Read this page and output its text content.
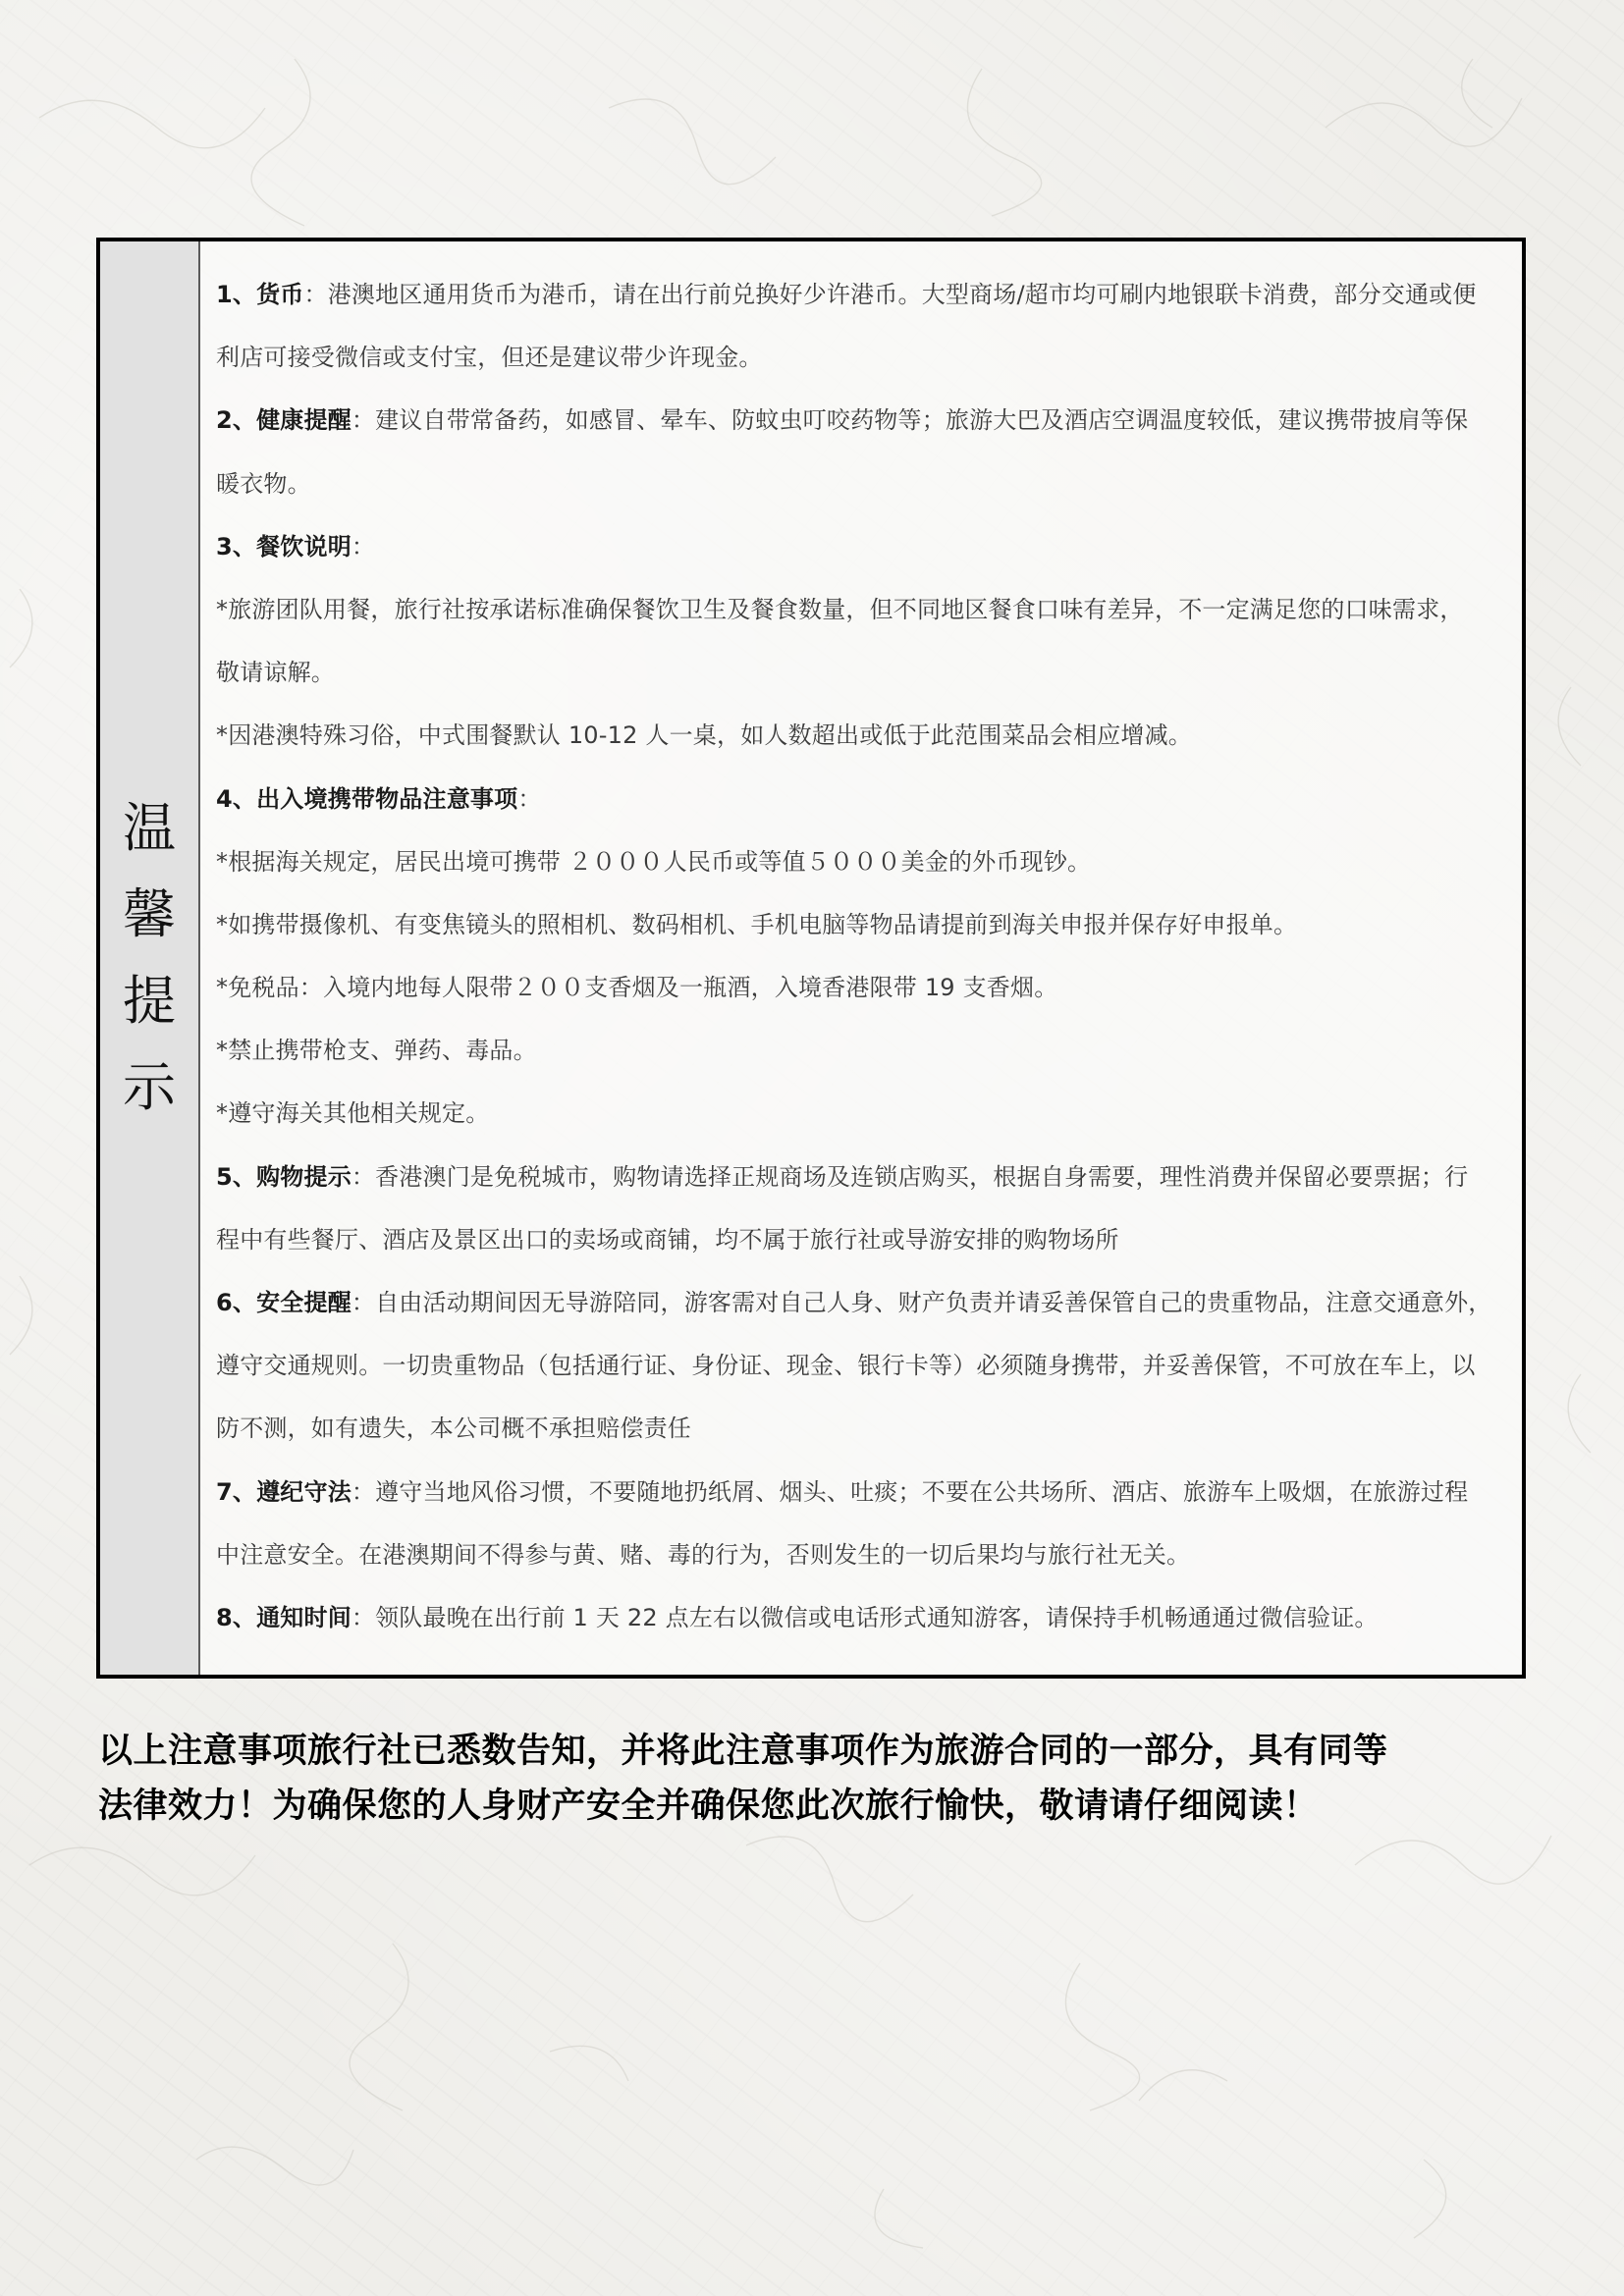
温
馨
提
示
1、货币：港澳地区通用货币为港币，请在出行前兑换好少许港币。大型商场/超市均可刷内地银联卡消费，部分交通或便
利店可接受微信或支付宝，但还是建议带少许现金。
2、健康提醒：建议自带常备药，如感冒、晕车、防蚊虫叮咬药物等；旅游大巴及酒店空调温度较低，建议携带披肩等保
暖衣物。
3、餐饮说明：
*旅游团队用餐，旅行社按承诺标准确保餐饮卫生及餐食数量，但不同地区餐食口味有差异，不一定满足您的口味需求，
敬请谅解。
*因港澳特殊习俗，中式围餐默认 10-12 人一桌，如人数超出或低于此范围菜品会相应增减。
4、出入境携带物品注意事项：
*根据海关规定，居民出境可携带 ２０００人民币或等值５０００美金的外币现钞。
*如携带摄像机、有变焦镜头的照相机、数码相机、手机电脑等物品请提前到海关申报并保存好申报单。
*免税品：入境内地每人限带２００支香烟及一瓶酒，入境香港限带 19 支香烟。
*禁止携带枪支、弹药、毒品。
*遵守海关其他相关规定。
5、购物提示：香港澳门是免税城市，购物请选择正规商场及连锁店购买，根据自身需要，理性消费并保留必要票据；行
程中有些餐厅、酒店及景区出口的卖场或商铺，均不属于旅行社或导游安排的购物场所
6、安全提醒：自由活动期间因无导游陪同，游客需对自己人身、财产负责并请妥善保管自己的贵重物品，注意交通意外，
遵守交通规则。一切贵重物品（包括通行证、身份证、现金、银行卡等）必须随身携带，并妥善保管，不可放在车上，以
防不测，如有遗失，本公司概不承担赔偿责任
7、遵纪守法：遵守当地风俗习惯，不要随地扔纸屑、烟头、吐痰；不要在公共场所、酒店、旅游车上吸烟，在旅游过程
中注意安全。在港澳期间不得参与黄、赌、毒的行为，否则发生的一切后果均与旅行社无关。
8、通知时间：领队最晚在出行前 1 天 22 点左右以微信或电话形式通知游客，请保持手机畅通通过微信验证。
以上注意事项旅行社已悉数告知，并将此注意事项作为旅游合同的一部分，具有同等
法律效力！为确保您的人身财产安全并确保您此次旅行愉快，敬请请仔细阅读！
